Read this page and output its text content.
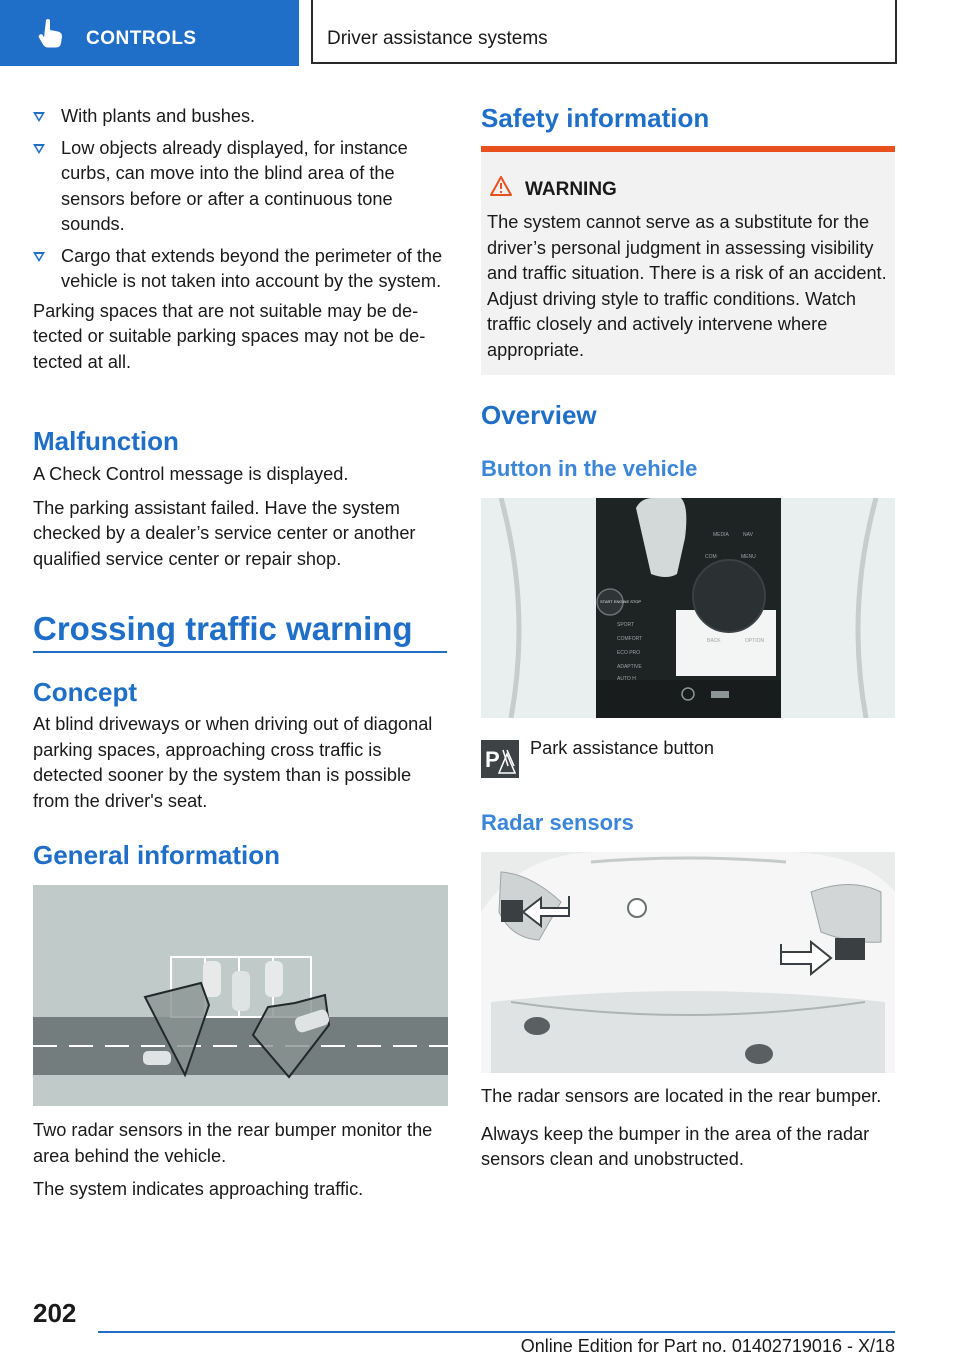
CONTROLS	Driver assistance systems
With plants and bushes.
Low objects already displayed, for instance curbs, can move into the blind area of the sensors before or after a continuous tone sounds.
Cargo that extends beyond the perimeter of the vehicle is not taken into account by the system.

Parking spaces that are not suitable may be detected or suitable parking spaces may not be detected at all.

Malfunction

A Check Control message is displayed.

The parking assistant failed. Have the system checked by a dealer’s service center or another qualified service center or repair shop.

Crossing traffic warning
Concept

At blind driveways or when driving out of diagonal parking spaces, approaching cross traffic is detected sooner by the system than is possible from the driver's seat.

General information

Two radar sensors in the rear bumper monitor the area behind the vehicle.

The system indicates approaching traffic.

Safety information
WARNING
The system cannot serve as a substitute for the driver’s personal judgment in assessing visibility and traffic situation. There is a risk of an accident. Adjust driving style to traffic conditions. Watch traffic closely and actively intervene where appropriate.
Overview
Button in the vehicle
MEDIA	NAV
COM	MENU
OPTION
BACK
SPORT
COMFORT
ECO PRO
ADAPTIVE
AUTO H
START ENGINE STOP
P Park assistance button
Radar sensors

The radar sensors are located in the rear bumper.

Always keep the bumper in the area of the radar sensors clean and unobstructed.

202
Online Edition for Part no. 01402719016 - X/18
